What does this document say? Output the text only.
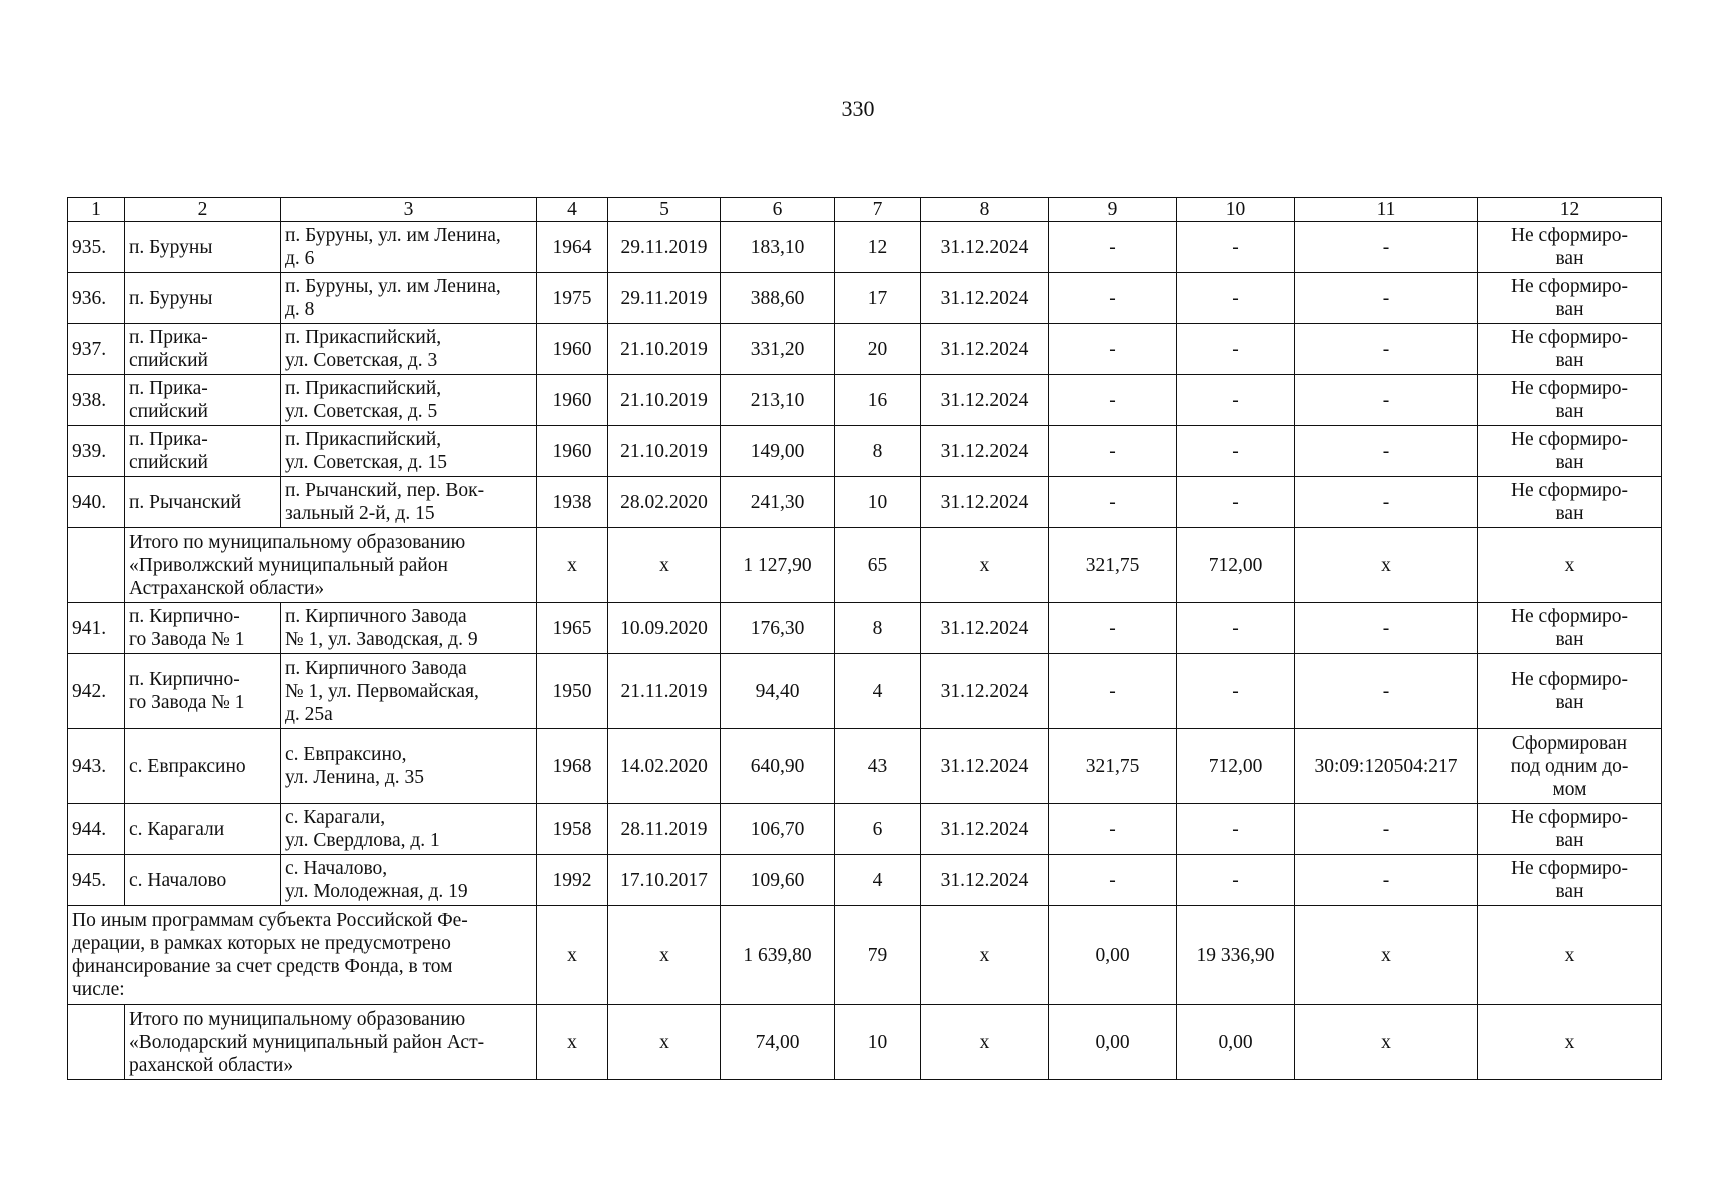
330
1	2	3	4	5	6	7	8	9	10	11	12
935.	п. Буруны	п. Буруны, ул. им Ленина,
д. 6	1964	29.11.2019	183,10	12	31.12.2024	-	-	-	Не сформиро-
ван
936.	п. Буруны	п. Буруны, ул. им Ленина,
д. 8	1975	29.11.2019	388,60	17	31.12.2024	-	-	-	Не сформиро-
ван
937.	п. Прика-
спийский	п. Прикаспийский,
ул. Советская, д. 3	1960	21.10.2019	331,20	20	31.12.2024	-	-	-	Не сформиро-
ван
938.	п. Прика-
спийский	п. Прикаспийский,
ул. Советская, д. 5	1960	21.10.2019	213,10	16	31.12.2024	-	-	-	Не сформиро-
ван
939.	п. Прика-
спийский	п. Прикаспийский,
ул. Советская, д. 15	1960	21.10.2019	149,00	8	31.12.2024	-	-	-	Не сформиро-
ван
940.	п. Рычанский	п. Рычанский, пер. Вок-
зальный 2-й, д. 15	1938	28.02.2020	241,30	10	31.12.2024	-	-	-	Не сформиро-
ван
	Итого по муниципальному образованию
«Приволжский муниципальный район
Астраханской области»		х	х	1 127,90	65	х	321,75	712,00	х	х
941.	п. Кирпично-
го Завода № 1	п. Кирпичного Завода
№ 1, ул. Заводская, д. 9	1965	10.09.2020	176,30	8	31.12.2024	-	-	-	Не сформиро-
ван
942.	п. Кирпично-
го Завода № 1	п. Кирпичного Завода
№ 1, ул. Первомайская,
д. 25а	1950	21.11.2019	94,40	4	31.12.2024	-	-	-	Не сформиро-
ван
943.	с. Евпраксино	с. Евпраксино,
ул. Ленина, д. 35	1968	14.02.2020	640,90	43	31.12.2024	321,75	712,00	30:09:120504:217	Сформирован
под одним до-
мом
944.	с. Карагали	с. Карагали,
ул. Свердлова, д. 1	1958	28.11.2019	106,70	6	31.12.2024	-	-	-	Не сформиро-
ван
945.	с. Началово	с. Началово,
ул. Молодежная, д. 19	1992	17.10.2017	109,60	4	31.12.2024	-	-	-	Не сформиро-
ван
По иным программам субъекта Российской Фе-
дерации, в рамках которых не предусмотрено
финансирование за счет средств Фонда, в том
числе:			х	х	1 639,80	79	х	0,00	19 336,90	х	х
	Итого по муниципальному образованию
«Володарский муниципальный район Аст-
раханской области»		х	х	74,00	10	х	0,00	0,00	х	х
